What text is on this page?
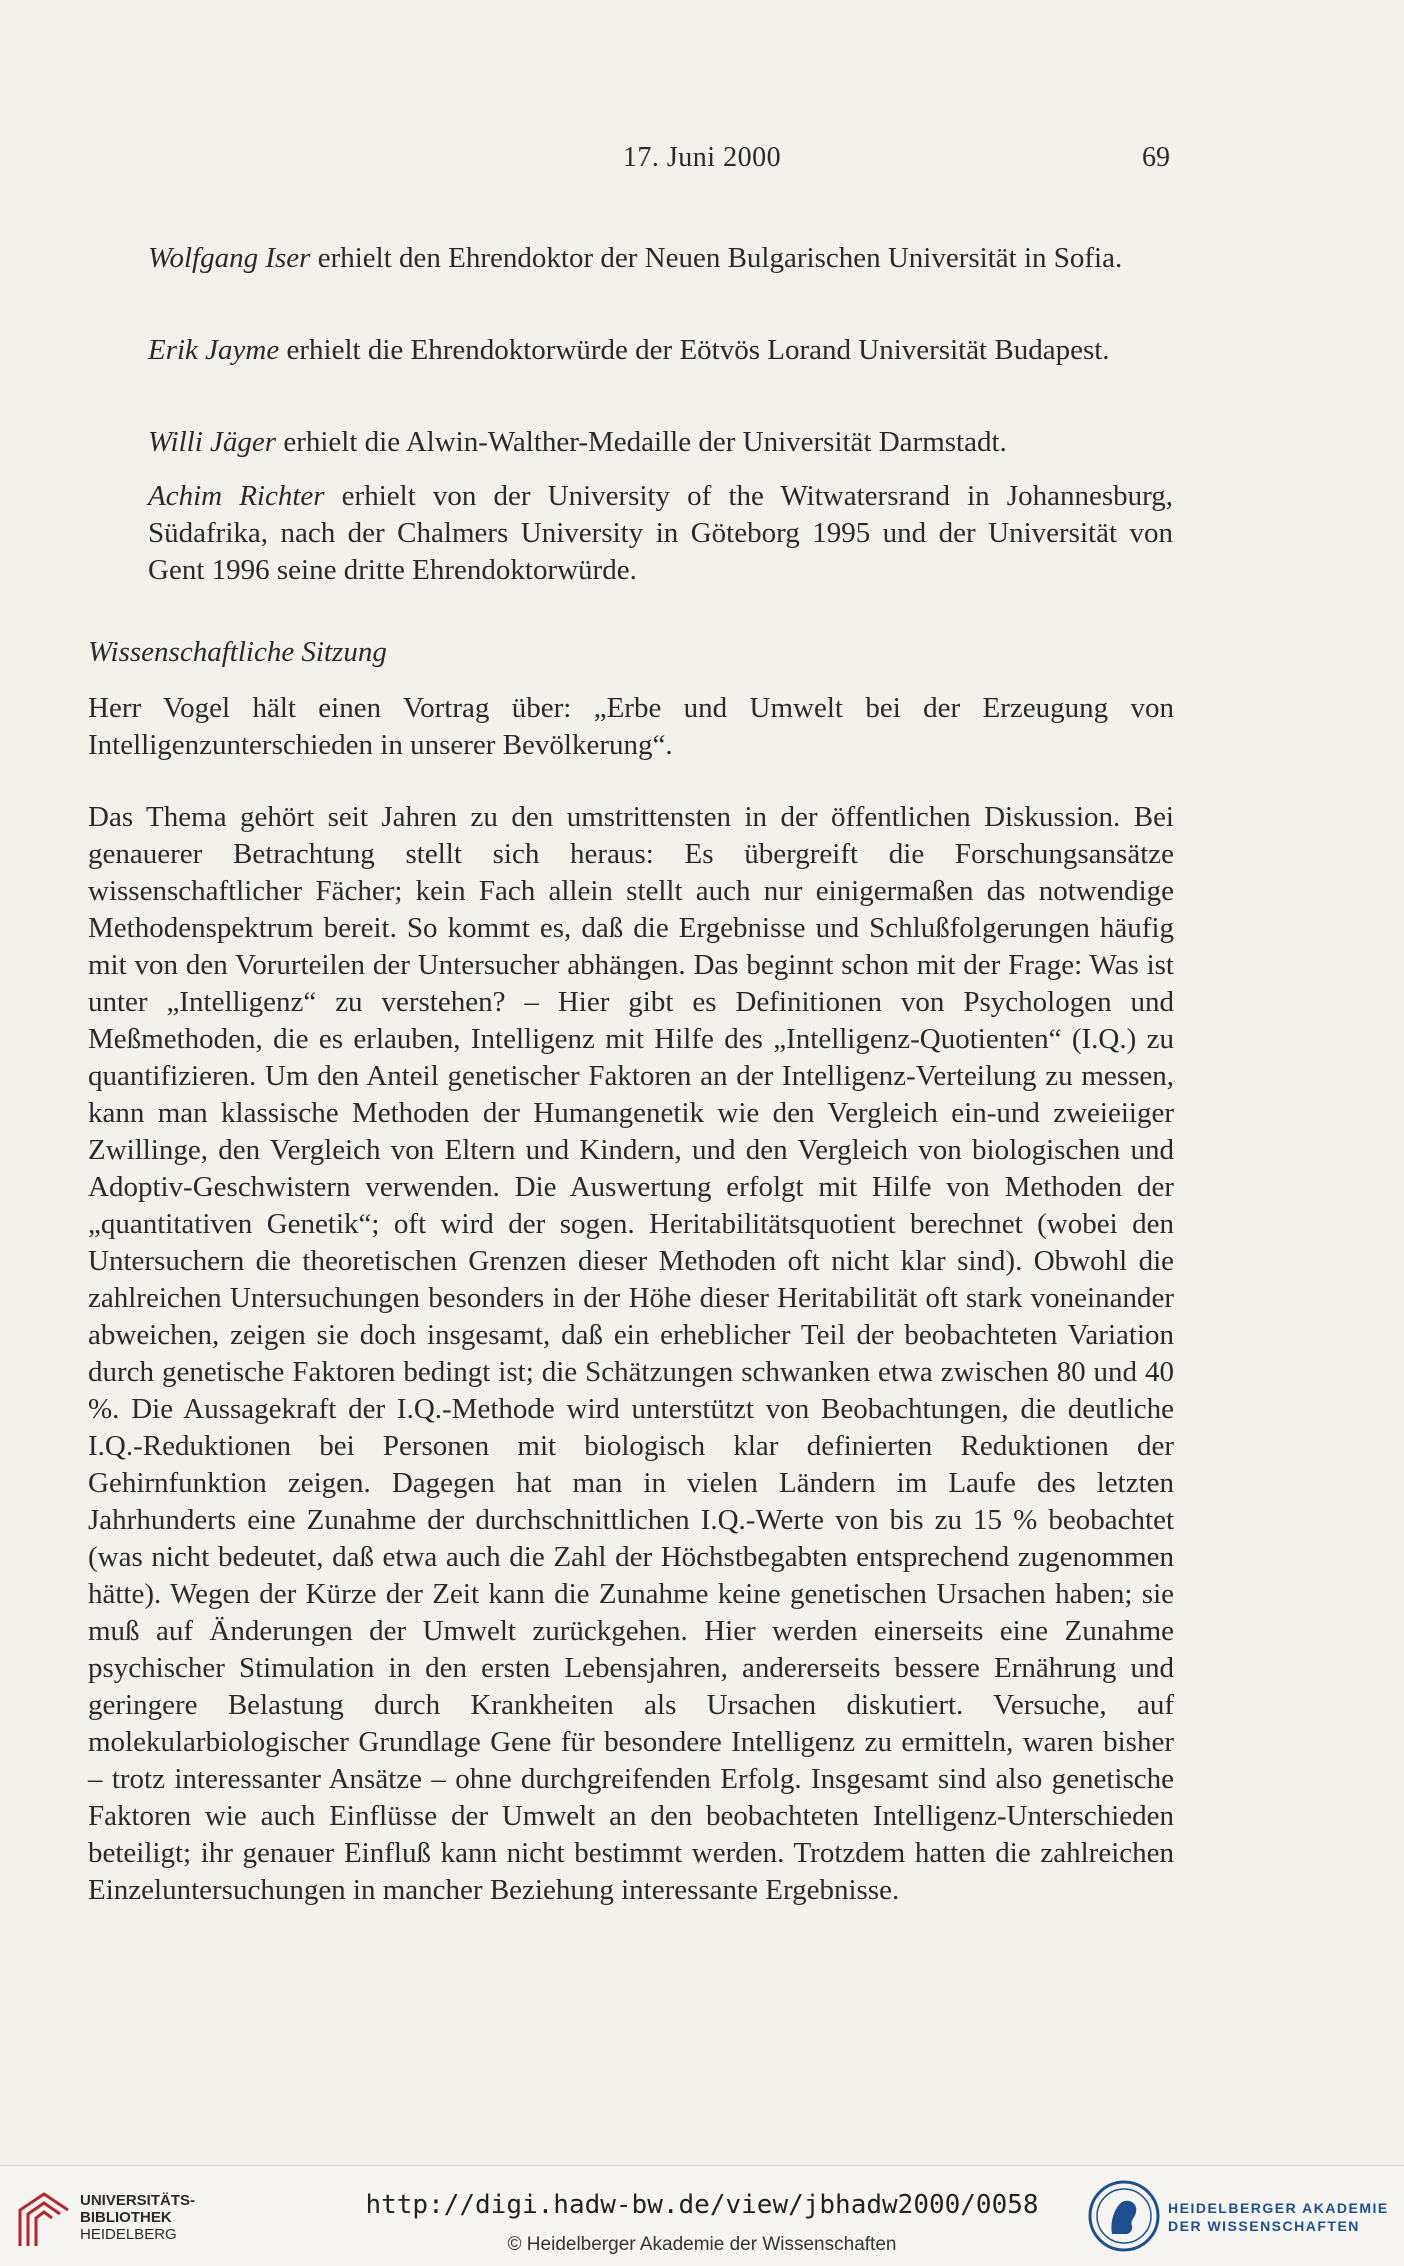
17. Juni 2000	69

Wolfgang Iser erhielt den Ehrendoktor der Neuen Bulgarischen Universität in Sofia.

Erik Jayme erhielt die Ehrendoktorwürde der Eötvös Lorand Universität Budapest.

Willi Jäger erhielt die Alwin-Walther-Medaille der Universität Darmstadt.

Achim Richter erhielt von der University of the Witwatersrand in Johannesburg, Südafrika, nach der Chalmers University in Göteborg 1995 und der Universität von Gent 1996 seine dritte Ehrendoktorwürde.

Wissenschaftliche Sitzung

Herr Vogel hält einen Vortrag über: „Erbe und Umwelt bei der Erzeugung von Intelligenzunterschieden in unserer Bevölkerung“.

Das Thema gehört seit Jahren zu den umstrittensten in der öffentlichen Diskussion. Bei genauerer Betrachtung stellt sich heraus: Es übergreift die Forschungsansätze wissenschaftlicher Fächer; kein Fach allein stellt auch nur einigermaßen das notwendige Methodenspektrum bereit. So kommt es, daß die Ergebnisse und Schlußfolgerungen häufig mit von den Vorurteilen der Untersucher abhängen. Das beginnt schon mit der Frage: Was ist unter „Intelligenz“ zu verstehen? – Hier gibt es Definitionen von Psychologen und Meßmethoden, die es erlauben, Intelligenz mit Hilfe des „Intelligenz-Quotienten“ (I.Q.) zu quantifizieren. Um den Anteil genetischer Faktoren an der Intelligenz-Verteilung zu messen, kann man klassische Methoden der Humangenetik wie den Vergleich ein-und zweieiiger Zwillinge, den Vergleich von Eltern und Kindern, und den Vergleich von biologischen und Adoptiv-Geschwistern verwenden. Die Auswertung erfolgt mit Hilfe von Methoden der „quantitativen Genetik“; oft wird der sogen. Heritabilitätsquotient berechnet (wobei den Untersuchern die theoretischen Grenzen dieser Methoden oft nicht klar sind). Obwohl die zahlreichen Untersuchungen besonders in der Höhe dieser Heritabilität oft stark voneinander abweichen, zeigen sie doch insgesamt, daß ein erheblicher Teil der beobachteten Variation durch genetische Faktoren bedingt ist; die Schätzungen schwanken etwa zwischen 80 und 40 %. Die Aussagekraft der I.Q.-Methode wird unterstützt von Beobachtungen, die deutliche I.Q.-Reduktionen bei Personen mit biologisch klar definierten Reduktionen der Gehirnfunktion zeigen. Dagegen hat man in vielen Ländern im Laufe des letzten Jahrhunderts eine Zunahme der durchschnittlichen I.Q.-Werte von bis zu 15 % beobachtet (was nicht bedeutet, daß etwa auch die Zahl der Höchstbegabten entsprechend zugenommen hätte). Wegen der Kürze der Zeit kann die Zunahme keine genetischen Ursachen haben; sie muß auf Änderungen der Umwelt zurückgehen. Hier werden einerseits eine Zunahme psychischer Stimulation in den ersten Lebensjahren, andererseits bessere Ernährung und geringere Belastung durch Krankheiten als Ursachen diskutiert. Versuche, auf molekularbiologischer Grundlage Gene für besondere Intelligenz zu ermitteln, waren bisher – trotz interessanter Ansätze – ohne durchgreifenden Erfolg. Insgesamt sind also genetische Faktoren wie auch Einflüsse der Umwelt an den beobachteten Intelligenz-Unterschieden beteiligt; ihr genauer Einfluß kann nicht bestimmt werden. Trotzdem hatten die zahlreichen Einzeluntersuchungen in mancher Beziehung interessante Ergebnisse.

UNIVERSITÄTS-
BIBLIOTHEK
HEIDELBERG
http://digi.hadw-bw.de/view/jbhadw2000/0058
© Heidelberger Akademie der Wissenschaften
HEIDELBERGER AKADEMIE
DER WISSENSCHAFTEN
